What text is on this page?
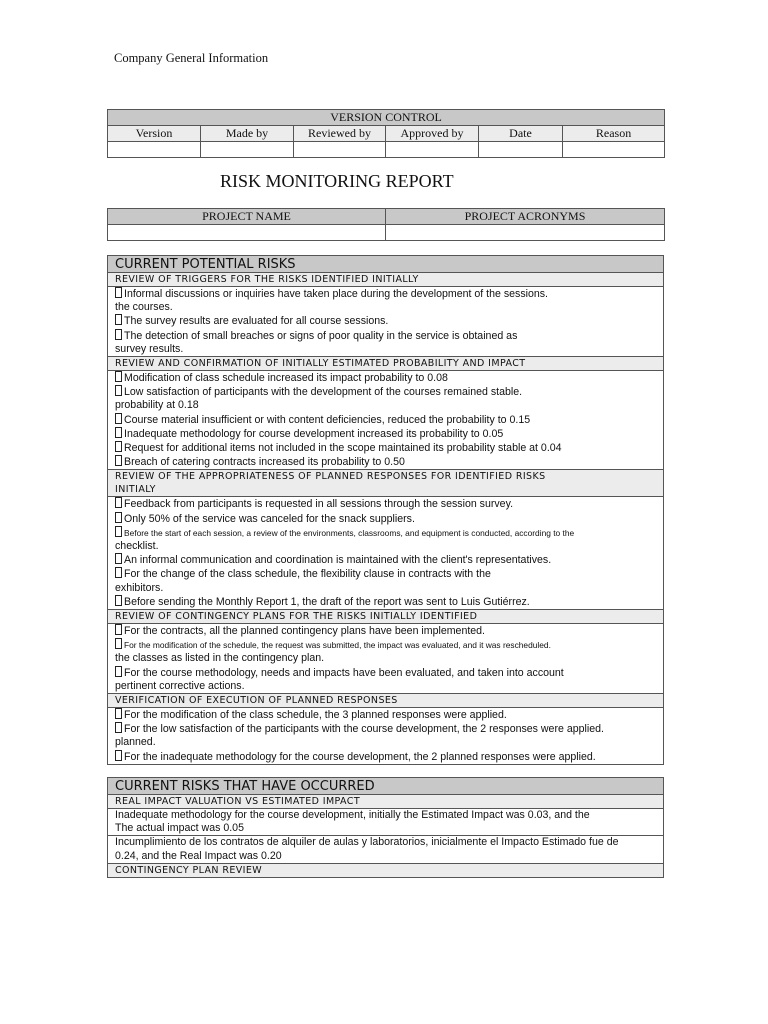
Company General Information
VERSION CONTROL					
Version	Made by	Reviewed by	Approved by	Date	Reason

RISK MONITORING REPORT
PROJECT NAME	PROJECT ACRONYMS

CURRENT POTENTIAL RISKS
REVIEW OF TRIGGERS FOR THE RISKS IDENTIFIED INITIALLY

Informal discussions or inquiries have taken place during the development of the sessions.
the courses.
The survey results are evaluated for all course sessions.
The detection of small breaches or signs of poor quality in the service is obtained as
survey results.

REVIEW AND CONFIRMATION OF INITIALLY ESTIMATED PROBABILITY AND IMPACT

Modification of class schedule increased its impact probability to 0.08
Low satisfaction of participants with the development of the courses remained stable.
probability at 0.18
Course material insufficient or with content deficiencies, reduced the probability to 0.15
Inadequate methodology for course development increased its probability to 0.05
Request for additional items not included in the scope maintained its probability stable at 0.04
Breach of catering contracts increased its probability to 0.50

REVIEW OF THE APPROPRIATENESS OF PLANNED RESPONSES FOR IDENTIFIED RISKS
INITIALY

Feedback from participants is requested in all sessions through the session survey.
Only 50% of the service was canceled for the snack suppliers.
Before the start of each session, a review of the environments, classrooms, and equipment is conducted, according to the
checklist.
An informal communication and coordination is maintained with the client's representatives.
For the change of the class schedule, the flexibility clause in contracts with the
exhibitors.
Before sending the Monthly Report 1, the draft of the report was sent to Luis Gutiérrez.

REVIEW OF CONTINGENCY PLANS FOR THE RISKS INITIALLY IDENTIFIED

For the contracts, all the planned contingency plans have been implemented.
For the modification of the schedule, the request was submitted, the impact was evaluated, and it was rescheduled.
the classes as listed in the contingency plan.
For the course methodology, needs and impacts have been evaluated, and taken into account
pertinent corrective actions.

VERIFICATION OF EXECUTION OF PLANNED RESPONSES

For the modification of the class schedule, the 3 planned responses were applied.
For the low satisfaction of the participants with the course development, the 2 responses were applied.
planned.
For the inadequate methodology for the course development, the 2 planned responses were applied.
CURRENT RISKS THAT HAVE OCCURRED
REAL IMPACT VALUATION VS ESTIMATED IMPACT

Inadequate methodology for the course development, initially the Estimated Impact was 0.03, and the
The actual impact was 0.05

Incumplimiento de los contratos de alquiler de aulas y laboratorios, inicialmente el Impacto Estimado fue de
0.24, and the Real Impact was 0.20

CONTINGENCY PLAN REVIEW
